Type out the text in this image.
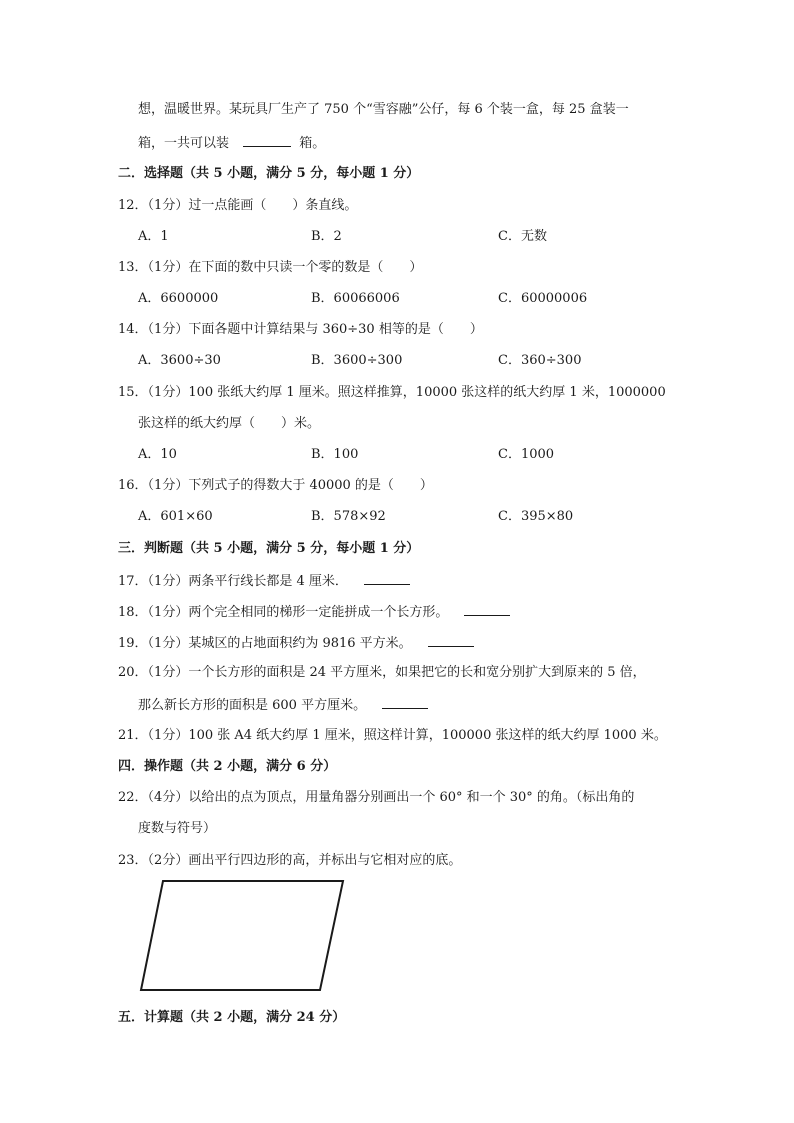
想，温暖世界。某玩具厂生产了 750 个“雪容融”公仔，每 6 个装一盒，每 25 盒装一
箱，一共可以装	箱。
二．选择题（共 5 小题，满分 5 分，每小题 1 分）
12．（1分）过一点能画（　　）条直线。
A．1	B．2	C．无数
13．（1分）在下面的数中只读一个零的数是（　　）
A．6600000	B．60066006	C．60000006
14．（1分）下面各题中计算结果与 360÷30 相等的是（　　）
A．3600÷30	B．3600÷300	C．360÷300
15．（1分）100 张纸大约厚 1 厘米。照这样推算，10000 张这样的纸大约厚 1 米，1000000
张这样的纸大约厚（　　）米。
A．10	B．100	C．1000
16．（1分）下列式子的得数大于 40000 的是（　　）
A．601×60	B．578×92	C．395×80
三．判断题（共 5 小题，满分 5 分，每小题 1 分）
17．（1分）两条平行线长都是 4 厘米．
18．（1分）两个完全相同的梯形一定能拼成一个长方形。
19．（1分）某城区的占地面积约为 9816 平方米。
20．（1分）一个长方形的面积是 24 平方厘米，如果把它的长和宽分别扩大到原来的 5 倍，
那么新长方形的面积是 600 平方厘米。
21．（1分）100 张 A4 纸大约厚 1 厘米，照这样计算，100000 张这样的纸大约厚 1000 米。
四．操作题（共 2 小题，满分 6 分）
22．（4分）以给出的点为顶点，用量角器分别画出一个 60° 和一个 30° 的角。（标出角的
度数与符号）
23．（2分）画出平行四边形的高，并标出与它相对应的底。
五．计算题（共 2 小题，满分 24 分）
